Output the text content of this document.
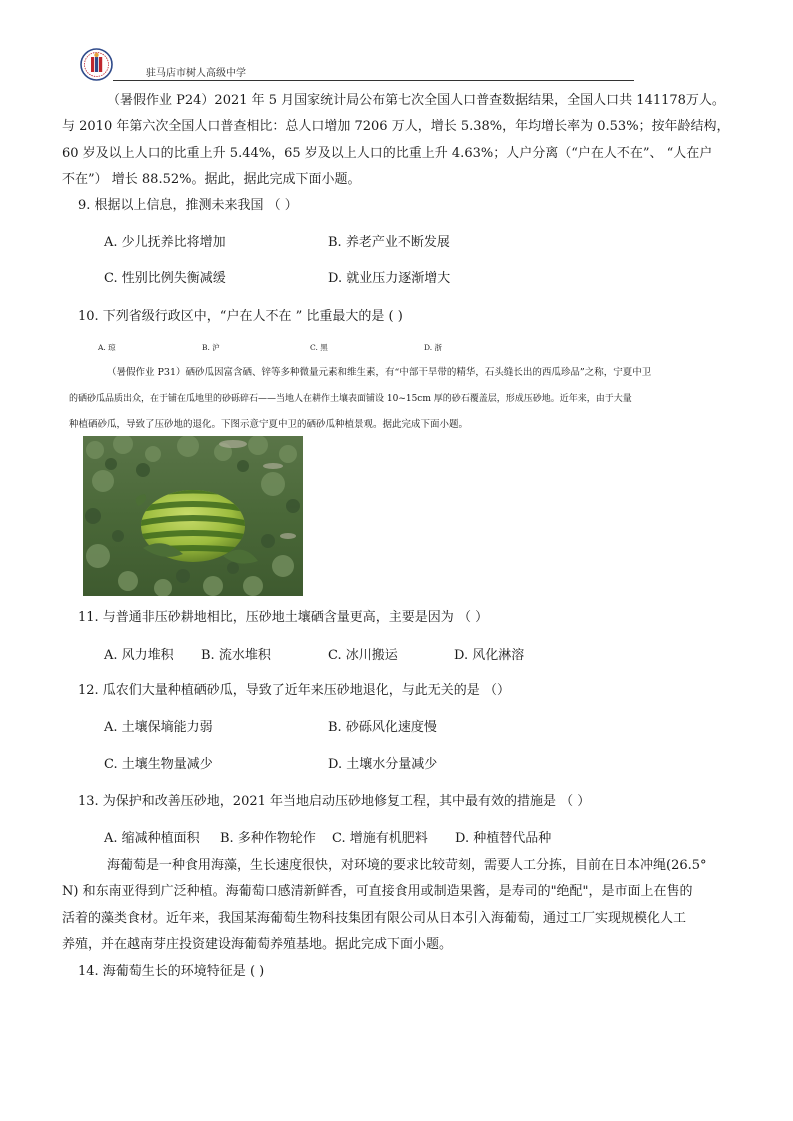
驻马店市树人高级中学
（暑假作业 P24）2021 年 5 月国家统计局公布第七次全国人口普查数据结果，全国人口共 141178万人。
与 2010 年第六次全国人口普查相比：总人口增加 7206 万人，增长 5.38%，年均增长率为 0.53%；按年龄结构，
60 岁及以上人口的比重上升 5.44%，65 岁及以上人口的比重上升 4.63%；人户分离（“户在人不在”、 “人在户
不在”） 增长 88.52%。据此，据此完成下面小题。
9. 根据以上信息，推测未来我国 （ ）
A. 少儿抚养比将增加	B. 养老产业不断发展
C. 性别比例失衡减缓	D. 就业压力逐渐增大
10. 下列省级行政区中，“户在人不在 ” 比重最大的是 ( )
A. 琼	B. 沪	C. 黑	D. 浙
（暑假作业 P31）硒砂瓜因富含硒、锌等多种微量元素和维生素，有“中部干旱带的精华，石头缝长出的西瓜珍品”之称，宁夏中卫
的硒砂瓜品质出众，在于铺在瓜地里的砂砾碎石——当地人在耕作土壤表面铺设 10~15cm 厚的砂石覆盖层，形成压砂地。近年来，由于大量
种植硒砂瓜，导致了压砂地的退化。下图示意宁夏中卫的硒砂瓜种植景观。据此完成下面小题。
11. 与普通非压砂耕地相比，压砂地土壤硒含量更高，主要是因为 （ ）
A. 风力堆积 B. 流水堆积	C. 冰川搬运	D. 风化淋溶
12. 瓜农们大量种植硒砂瓜，导致了近年来压砂地退化，与此无关的是 （）
A. 土壤保墒能力弱	B. 砂砾风化速度慢
C. 土壤生物量减少	D. 土壤水分量减少
13. 为保护和改善压砂地，2021 年当地启动压砂地修复工程，其中最有效的措施是 （ ）
A. 缩减种植面积 B. 多种作物轮作 C. 增施有机肥料 D. 种植替代品种
海葡萄是一种食用海藻，生长速度很快，对环境的要求比较苛刻，需要人工分拣，目前在日本冲绳(26.5°
N) 和东南亚得到广泛种植。海葡萄口感清新鲜香，可直接食用或制造果酱，是寿司的"绝配"，是市面上在售的
活着的藻类食材。近年来，我国某海葡萄生物科技集团有限公司从日本引入海葡萄，通过工厂实现规模化人工
养殖，并在越南芽庄投资建设海葡萄养殖基地。据此完成下面小题。
14. 海葡萄生长的环境特征是 ( )
